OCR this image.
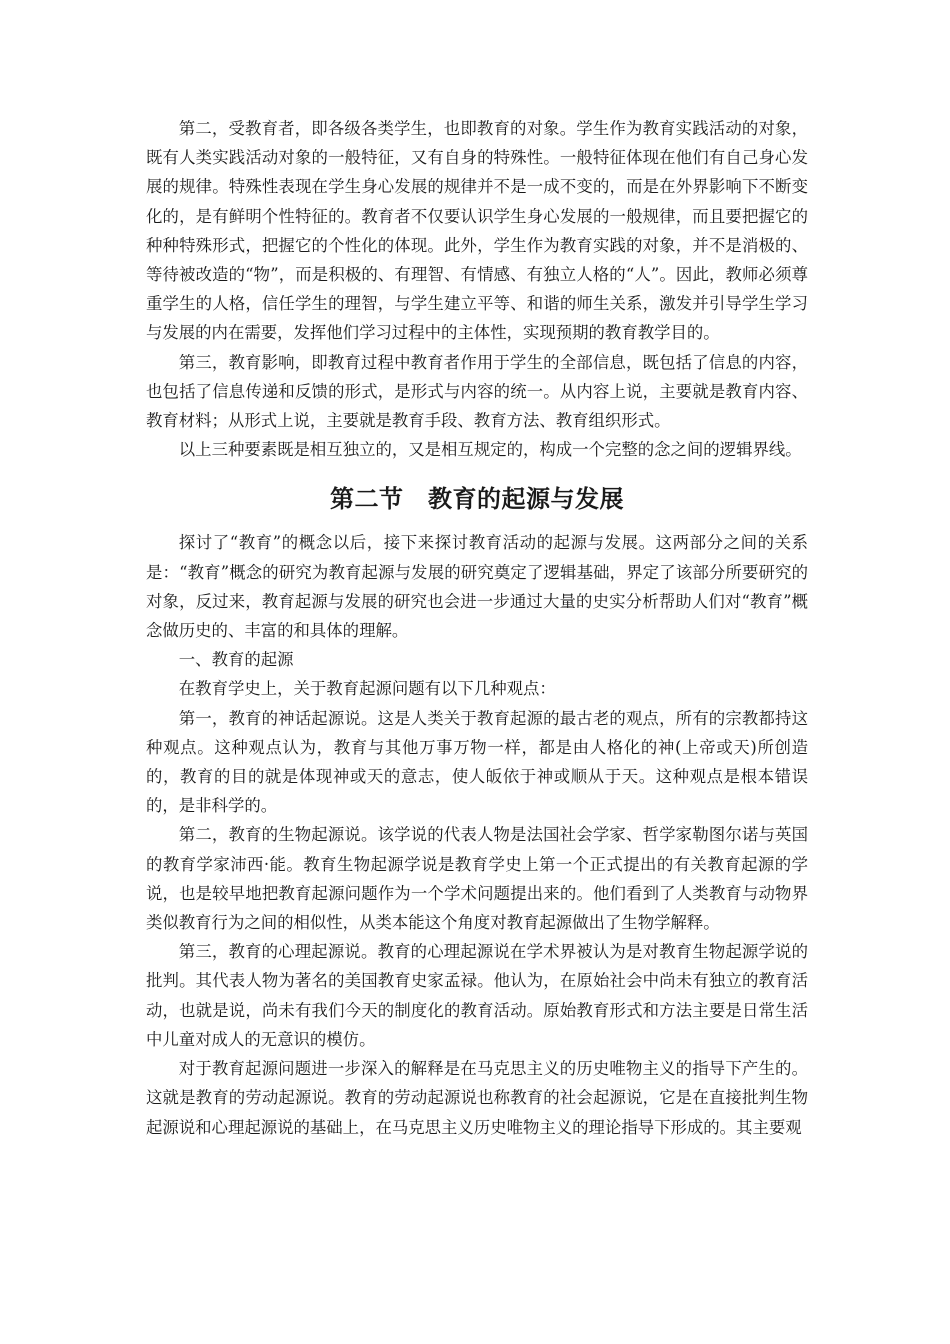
第二，受教育者，即各级各类学生，也即教育的对象。学生作为教育实践活动的对象，既有人类实践活动对象的一般特征，又有自身的特殊性。一般特征体现在他们有自己身心发展的规律。特殊性表现在学生身心发展的规律并不是一成不变的，而是在外界影响下不断变化的，是有鲜明个性特征的。教育者不仅要认识学生身心发展的一般规律，而且要把握它的种种特殊形式，把握它的个性化的体现。此外，学生作为教育实践的对象，并不是消极的、等待被改造的“物”，而是积极的、有理智、有情感、有独立人格的“人”。因此，教师必须尊重学生的人格，信任学生的理智，与学生建立平等、和谐的师生关系，激发并引导学生学习与发展的内在需要，发挥他们学习过程中的主体性，实现预期的教育教学目的。

第三，教育影响，即教育过程中教育者作用于学生的全部信息，既包括了信息的内容，也包括了信息传递和反馈的形式，是形式与内容的统一。从内容上说，主要就是教育内容、教育材料；从形式上说，主要就是教育手段、教育方法、教育组织形式。

以上三种要素既是相互独立的，又是相互规定的，构成一个完整的念之间的逻辑界线。

第二节　教育的起源与发展

探讨了“教育”的概念以后，接下来探讨教育活动的起源与发展。这两部分之间的关系是：“教育”概念的研究为教育起源与发展的研究奠定了逻辑基础，界定了该部分所要研究的对象，反过来，教育起源与发展的研究也会进一步通过大量的史实分析帮助人们对“教育”概念做历史的、丰富的和具体的理解。

一、教育的起源

在教育学史上，关于教育起源问题有以下几种观点：

第一，教育的神话起源说。这是人类关于教育起源的最古老的观点，所有的宗教都持这种观点。这种观点认为，教育与其他万事万物一样，都是由人格化的神(上帝或天)所创造的，教育的目的就是体现神或天的意志，使人皈依于神或顺从于天。这种观点是根本错误的，是非科学的。

第二，教育的生物起源说。该学说的代表人物是法国社会学家、哲学家勒图尔诺与英国的教育学家沛西·能。教育生物起源学说是教育学史上第一个正式提出的有关教育起源的学说，也是较早地把教育起源问题作为一个学术问题提出来的。他们看到了人类教育与动物界类似教育行为之间的相似性，从类本能这个角度对教育起源做出了生物学解释。

第三，教育的心理起源说。教育的心理起源说在学术界被认为是对教育生物起源学说的批判。其代表人物为著名的美国教育史家孟禄。他认为，在原始社会中尚未有独立的教育活动，也就是说，尚未有我们今天的制度化的教育活动。原始教育形式和方法主要是日常生活中儿童对成人的无意识的模仿。

对于教育起源问题进一步深入的解释是在马克思主义的历史唯物主义的指导下产生的。这就是教育的劳动起源说。教育的劳动起源说也称教育的社会起源说，它是在直接批判生物起源说和心理起源说的基础上，在马克思主义历史唯物主义的理论指导下形成的。其主要观
